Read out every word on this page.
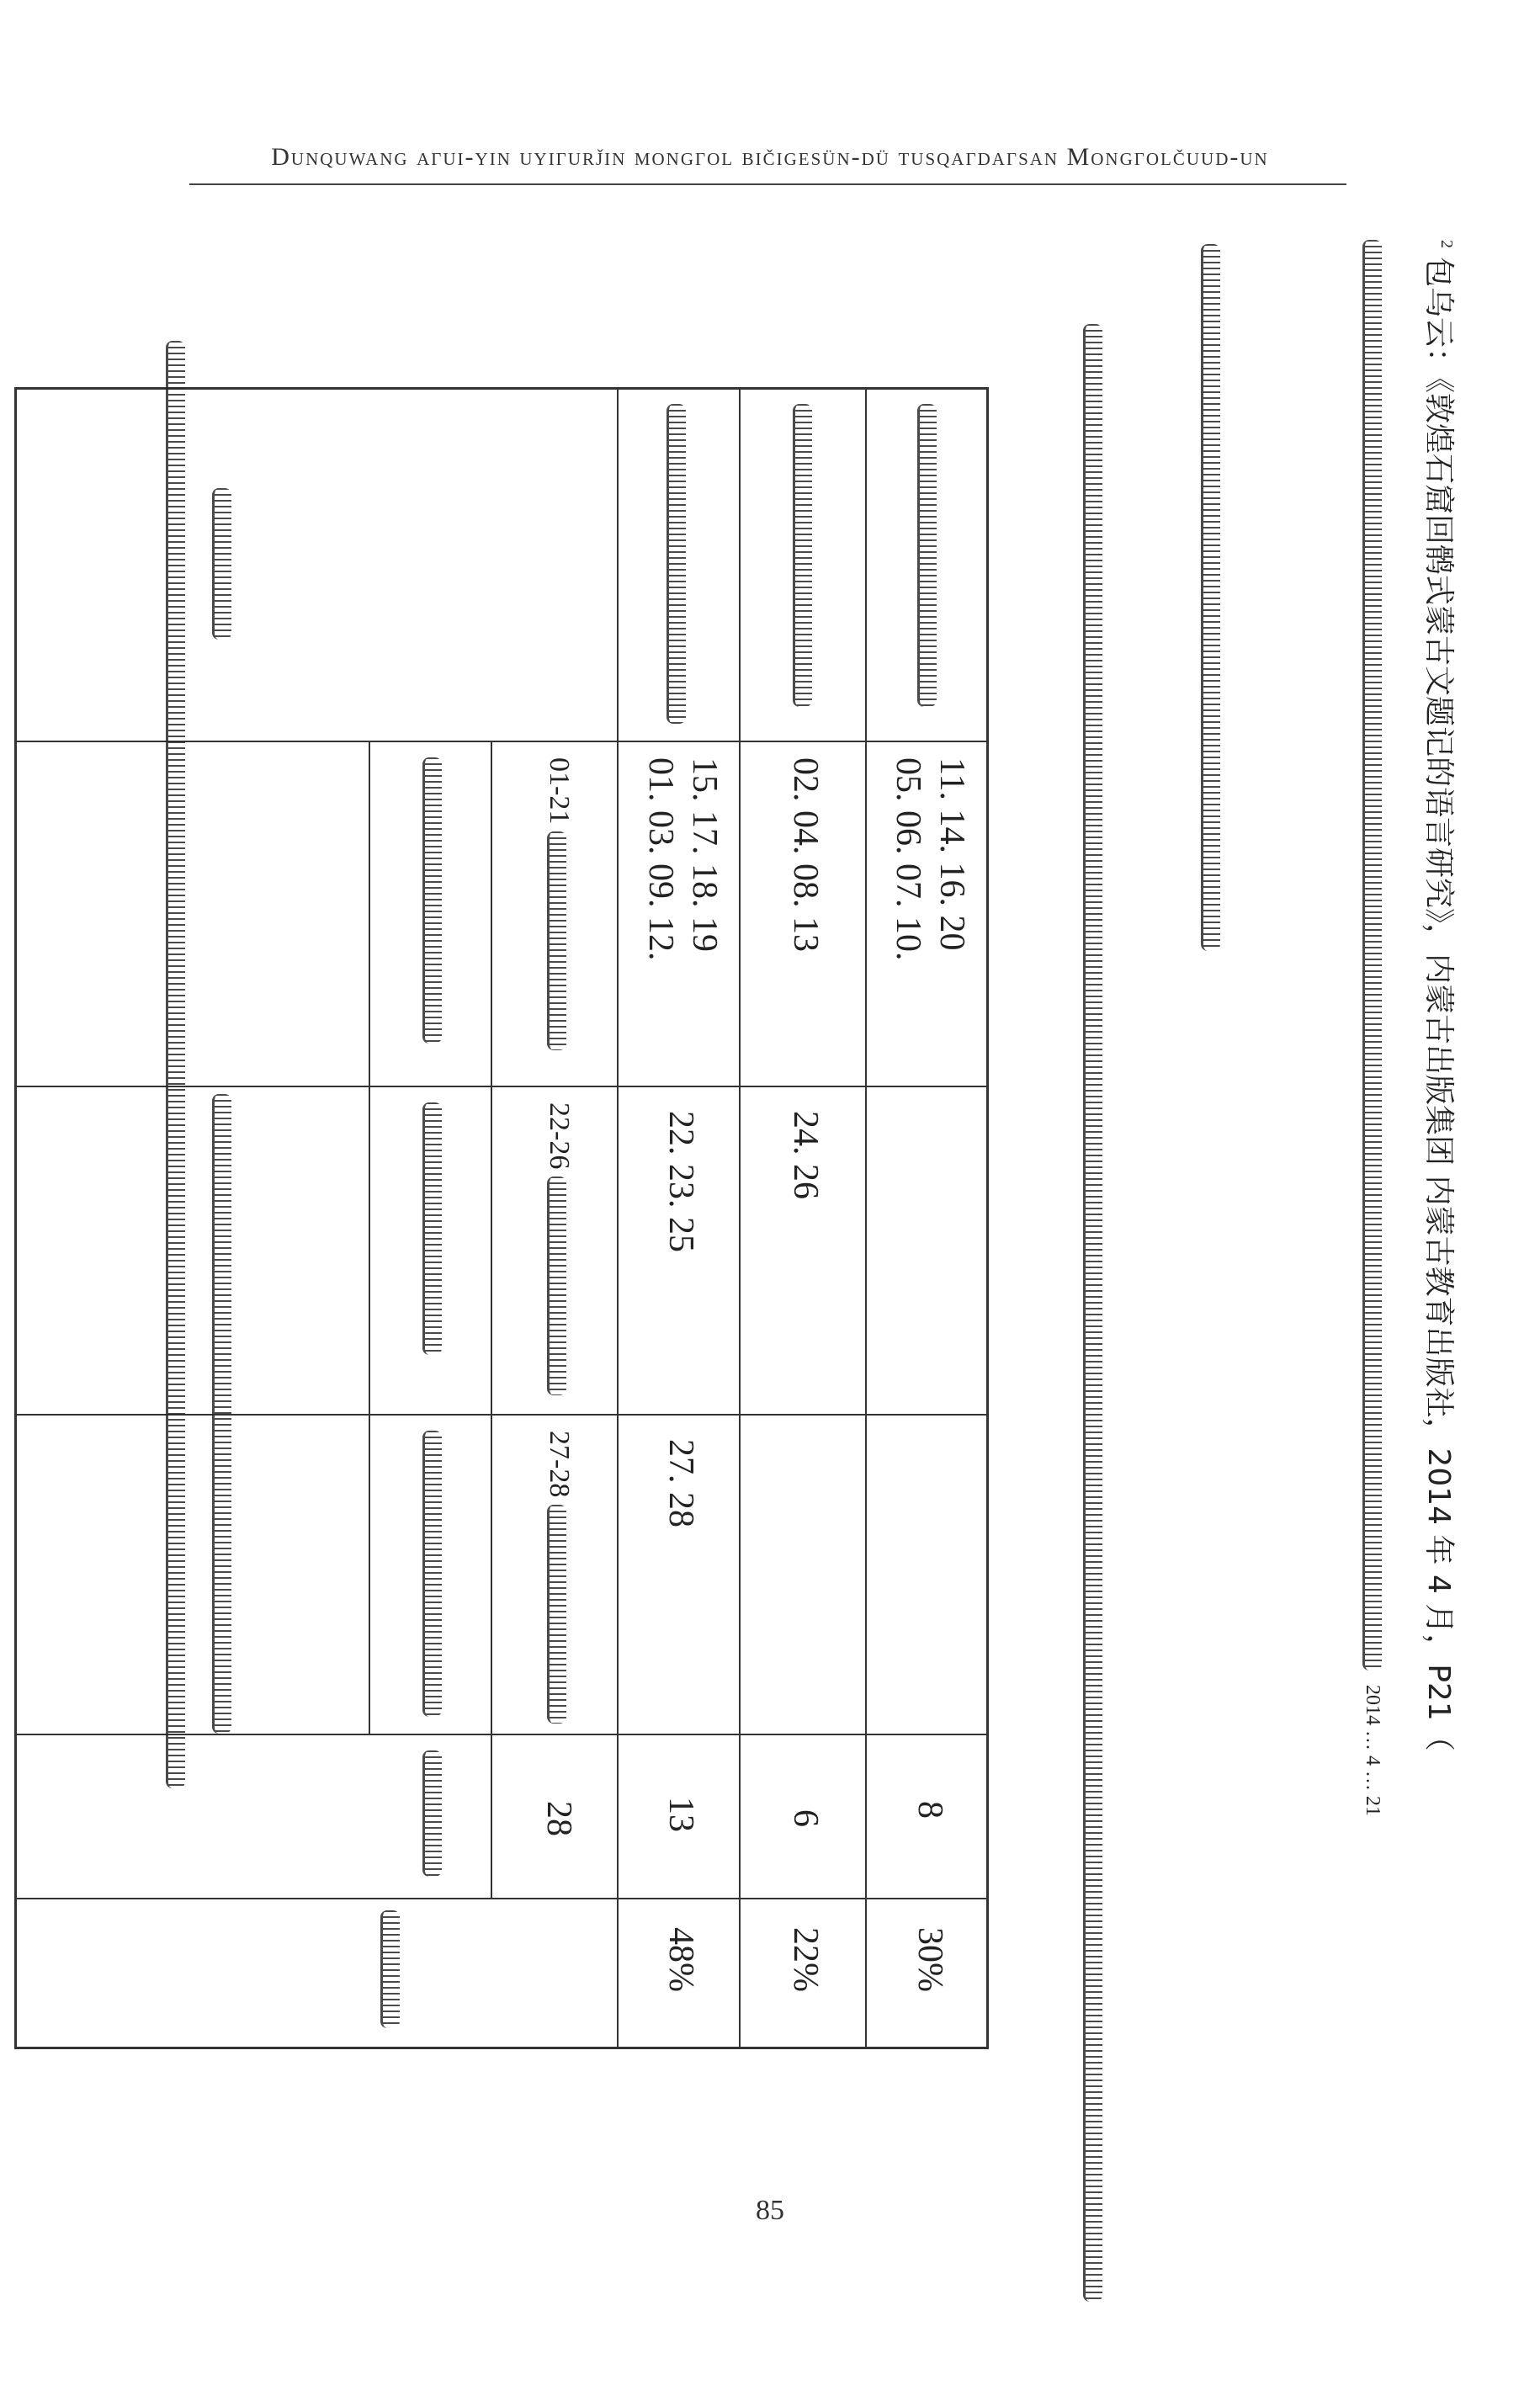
Dunquwang aγui-yin uyiγurǰin mongγol bičigesün-dü tusqaγdaγsan Mongγolčuud-un
2014 … 4 … 21
2
包乌云：《敦煌石窟回鹘式蒙古文题记的语言研究》，内蒙古出版集团 内蒙古教育出版社，2014 年 4 月，P21（
11. 14. 16. 20
05. 06. 07. 10.
8
30%
02. 04. 08. 13
24. 26
6
22%
15. 17. 18. 19
01. 03. 09. 12.
22. 23. 25
27. 28
13
48%
01-21
22-26
27-28
28
85
